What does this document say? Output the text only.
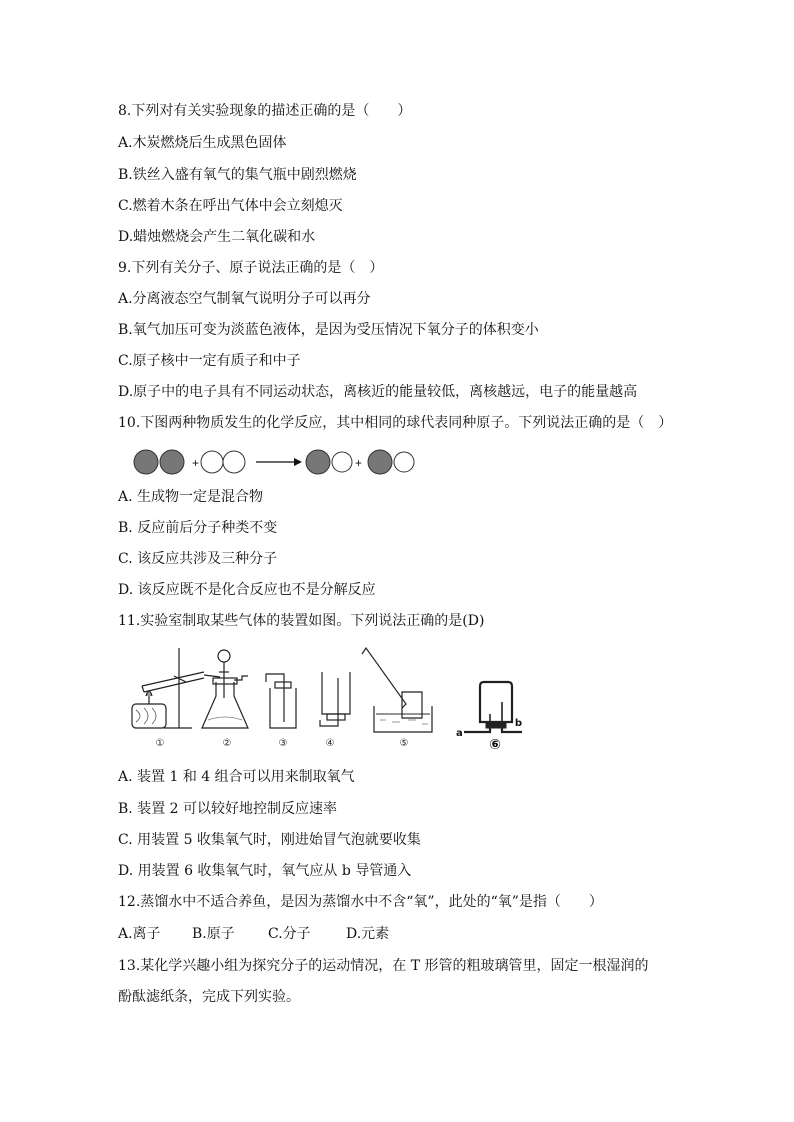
8.下列对有关实验现象的描述正确的是（　　）
A.木炭燃烧后生成黑色固体
B.铁丝入盛有氧气的集气瓶中剧烈燃烧
C.燃着木条在呼出气体中会立刻熄灭
D.蜡烛燃烧会产生二氧化碳和水
9.下列有关分子、原子说法正确的是（　）
A.分离液态空气制氧气说明分子可以再分
B.氧气加压可变为淡蓝色液体，是因为受压情况下氧分子的体积变小
C.原子核中一定有质子和中子
D.原子中的电子具有不同运动状态，离核近的能量较低，离核越远，电子的能量越高
10.下图两种物质发生的化学反应，其中相同的球代表同种原子。下列说法正确的是（　）
+	+
A. 生成物一定是混合物
B. 反应前后分子种类不变
C. 该反应共涉及三种分子
D. 该反应既不是化合反应也不是分解反应
11.实验室制取某些气体的装置如图。下列说法正确的是(D)
①	②	③	④	⑤	⑥
a
b
A. 装置 1 和 4 组合可以用来制取氧气
B. 装置 2 可以较好地控制反应速率
C. 用装置 5 收集氧气时，刚进始冒气泡就要收集
D. 用装置 6 收集氧气时，氧气应从 b 导管通入
12.蒸馏水中不适合养鱼，是因为蒸馏水中不含“氧”，此处的“氧”是指（　　）
A.离子 B.原子 C.分子	D.元素
13.某化学兴趣小组为探究分子的运动情况，在 T 形管的粗玻璃管里，固定一根湿润的
酚酞滤纸条，完成下列实验。
